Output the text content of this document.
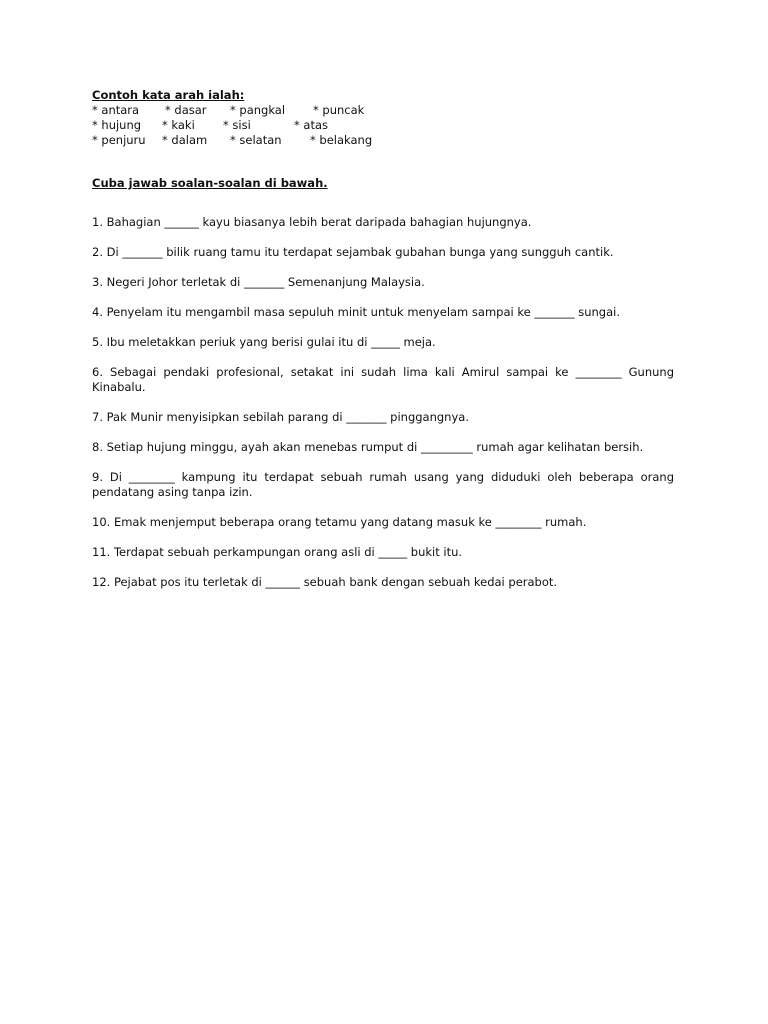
Contoh kata arah ialah:
* antara * dasar * pangkal * puncak
* hujung * kaki * sisi	* atas
* penjuru * dalam * selatan * belakang
Cuba jawab soalan-soalan di bawah.
1. Bahagian ______ kayu biasanya lebih berat daripada bahagian hujungnya.
2. Di _______ bilik ruang tamu itu terdapat sejambak gubahan bunga yang sungguh cantik.
3. Negeri Johor terletak di _______ Semenanjung Malaysia.
4. Penyelam itu mengambil masa sepuluh minit untuk menyelam sampai ke _______ sungai.
5. Ibu meletakkan periuk yang berisi gulai itu di _____ meja.
6. Sebagai pendaki profesional, setakat ini sudah lima kali Amirul sampai ke ________ Gunung Kinabalu.
7. Pak Munir menyisipkan sebilah parang di _______ pinggangnya.
8. Setiap hujung minggu, ayah akan menebas rumput di _________ rumah agar kelihatan bersih.
9. Di ________ kampung itu terdapat sebuah rumah usang yang diduduki oleh beberapa orang pendatang asing tanpa izin.
10. Emak menjemput beberapa orang tetamu yang datang masuk ke ________ rumah.
11. Terdapat sebuah perkampungan orang asli di _____ bukit itu.
12. Pejabat pos itu terletak di ______ sebuah bank dengan sebuah kedai perabot.
